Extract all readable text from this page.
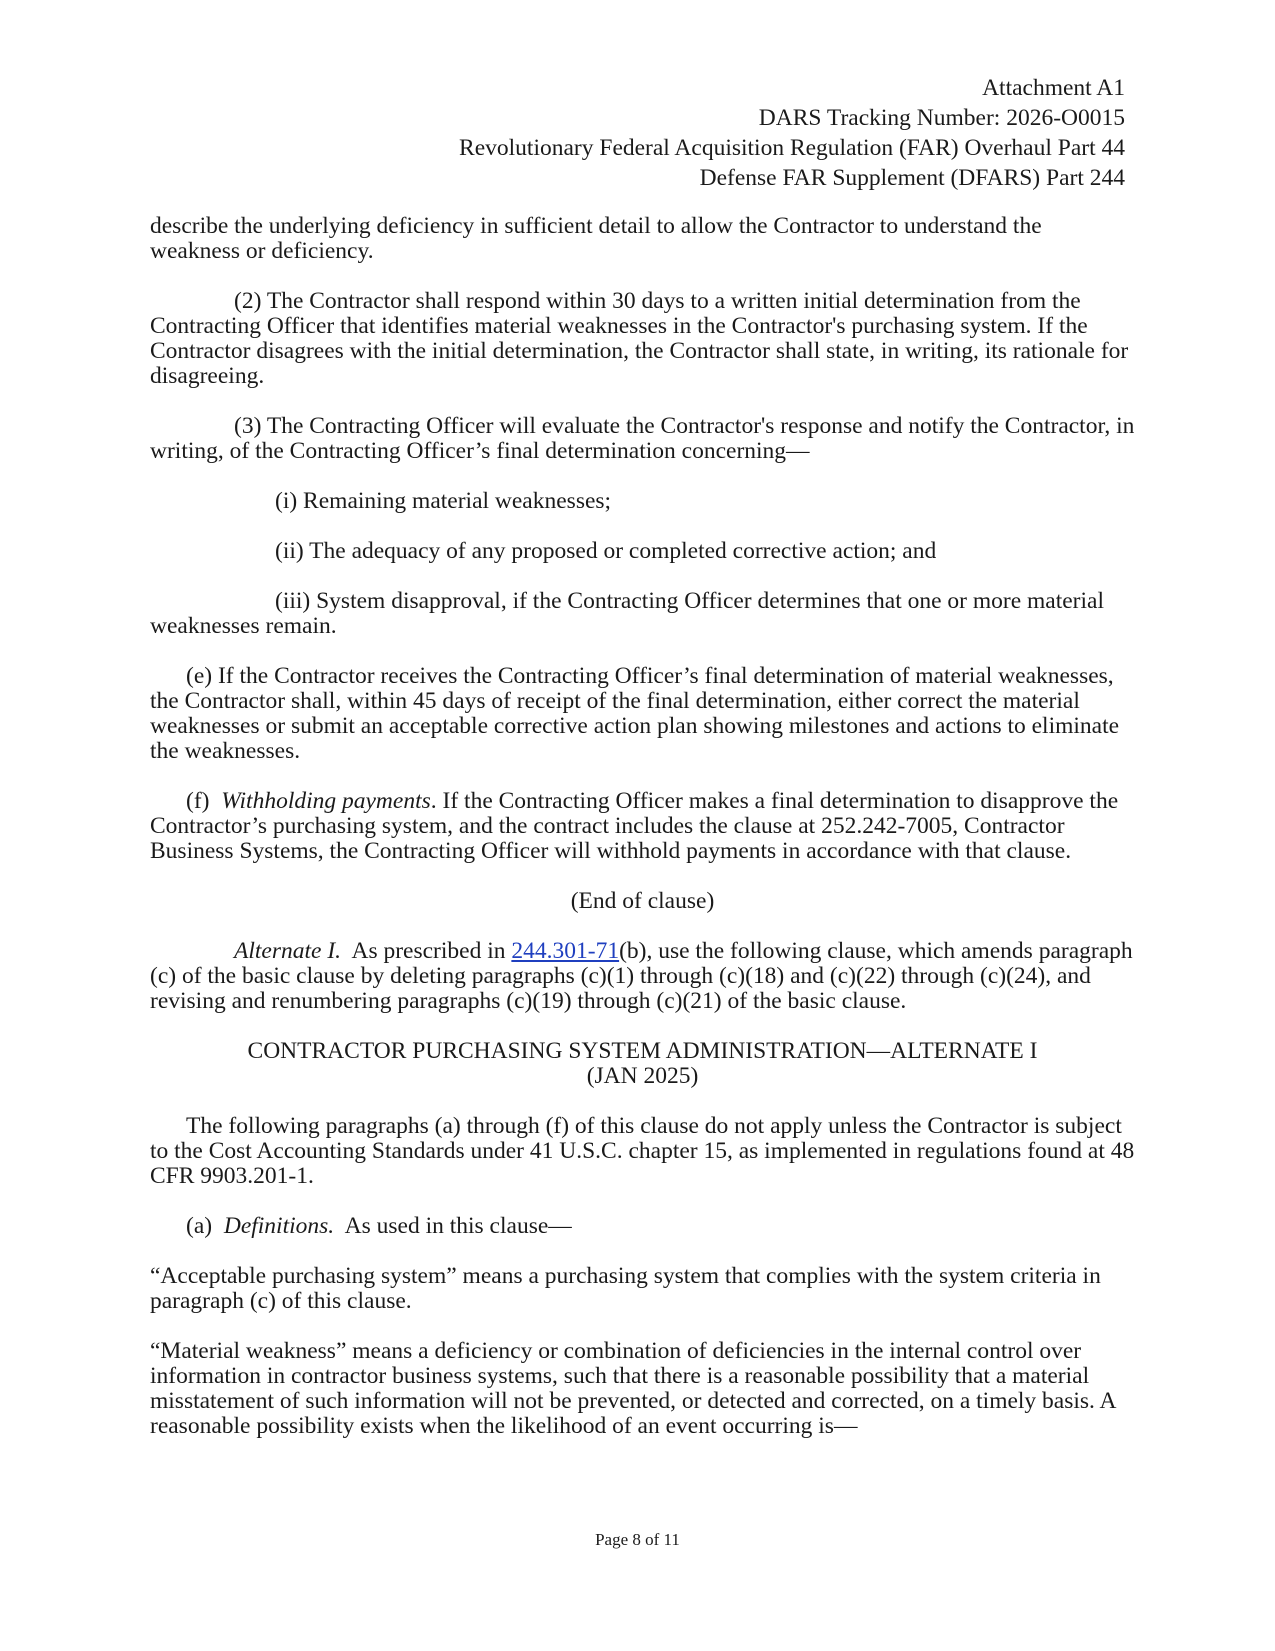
Attachment A1
DARS Tracking Number: 2026-O0015
Revolutionary Federal Acquisition Regulation (FAR) Overhaul Part 44
Defense FAR Supplement (DFARS) Part 244

describe the underlying deficiency in sufficient detail to allow the Contractor to understand the weakness or deficiency.

(2) The Contractor shall respond within 30 days to a written initial determination from the Contracting Officer that identifies material weaknesses in the Contractor's purchasing system. If the Contractor disagrees with the initial determination, the Contractor shall state, in writing, its rationale for disagreeing.

(3) The Contracting Officer will evaluate the Contractor's response and notify the Contractor, in writing, of the Contracting Officer’s final determination concerning—

(i) Remaining material weaknesses;

(ii) The adequacy of any proposed or completed corrective action; and

(iii) System disapproval, if the Contracting Officer determines that one or more material weaknesses remain.

(e) If the Contractor receives the Contracting Officer’s final determination of material weaknesses, the Contractor shall, within 45 days of receipt of the final determination, either correct the material weaknesses or submit an acceptable corrective action plan showing milestones and actions to eliminate the weaknesses.

(f) Withholding payments. If the Contracting Officer makes a final determination to disapprove the Contractor’s purchasing system, and the contract includes the clause at 252.242-7005, Contractor Business Systems, the Contracting Officer will withhold payments in accordance with that clause.

(End of clause)

Alternate I.  As prescribed in 244.301-71(b), use the following clause, which amends paragraph (c) of the basic clause by deleting paragraphs (c)(1) through (c)(18) and (c)(22) through (c)(24), and revising and renumbering paragraphs (c)(19) through (c)(21) of the basic clause.

CONTRACTOR PURCHASING SYSTEM ADMINISTRATION—ALTERNATE I
(JAN 2025)

The following paragraphs (a) through (f) of this clause do not apply unless the Contractor is subject to the Cost Accounting Standards under 41 U.S.C. chapter 15, as implemented in regulations found at 48 CFR 9903.201-1.

(a) Definitions.  As used in this clause—

“Acceptable purchasing system” means a purchasing system that complies with the system criteria in paragraph (c) of this clause.

“Material weakness” means a deficiency or combination of deficiencies in the internal control over information in contractor business systems, such that there is a reasonable possibility that a material misstatement of such information will not be prevented, or detected and corrected, on a timely basis. A reasonable possibility exists when the likelihood of an event occurring is—

Page 8 of 11
